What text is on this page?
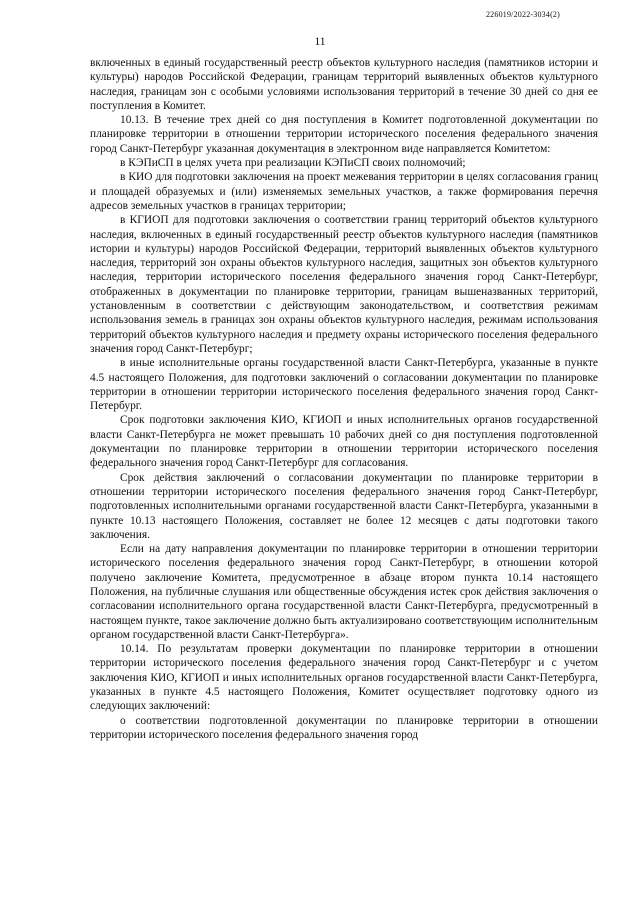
226019/2022-3034(2)
11

включенных в единый государственный реестр объектов культурного наследия (памятников истории и культуры) народов Российской Федерации, границам территорий выявленных объектов культурного наследия, границам зон с особыми условиями использования территорий в течение 30 дней со дня ее поступления в Комитет.

10.13. В течение трех дней со дня поступления в Комитет подготовленной документации по планировке территории в отношении территории исторического поселения федерального значения город Санкт-Петербург указанная документация в электронном виде направляется Комитетом:

в КЭПиСП в целях учета при реализации КЭПиСП своих полномочий;

в КИО для подготовки заключения на проект межевания территории в целях согласования границ и площадей образуемых и (или) изменяемых земельных участков, а также формирования перечня адресов земельных участков в границах территории;

в КГИОП для подготовки заключения о соответствии границ территорий объектов культурного наследия, включенных в единый государственный реестр объектов культурного наследия (памятников истории и культуры) народов Российской Федерации, территорий выявленных объектов культурного наследия, территорий зон охраны объектов культурного наследия, защитных зон объектов культурного наследия, территории исторического поселения федерального значения город Санкт-Петербург, отображенных в документации по планировке территории, границам вышеназванных территорий, установленным в соответствии с действующим законодательством, и соответствия режимам использования земель в границах зон охраны объектов культурного наследия, режимам использования территорий объектов культурного наследия и предмету охраны исторического поселения федерального значения город Санкт-Петербург;

в иные исполнительные органы государственной власти Санкт-Петербурга, указанные в пункте 4.5 настоящего Положения, для подготовки заключений о согласовании документации по планировке территории в отношении территории исторического поселения федерального значения город Санкт-Петербург.

Срок подготовки заключения КИО, КГИОП и иных исполнительных органов государственной власти Санкт-Петербурга не может превышать 10 рабочих дней со дня поступления подготовленной документации по планировке территории в отношении территории исторического поселения федерального значения город Санкт-Петербург для согласования.

Срок действия заключений о согласовании документации по планировке территории в отношении территории исторического поселения федерального значения город Санкт-Петербург, подготовленных исполнительными органами государственной власти Санкт-Петербурга, указанными в пункте 10.13 настоящего Положения, составляет не более 12 месяцев с даты подготовки такого заключения.

Если на дату направления документации по планировке территории в отношении территории исторического поселения федерального значения город Санкт-Петербург, в отношении которой получено заключение Комитета, предусмотренное в абзаце втором пункта 10.14 настоящего Положения, на публичные слушания или общественные обсуждения истек срок действия заключения о согласовании исполнительного органа государственной власти Санкт-Петербурга, предусмотренный в настоящем пункте, такое заключение должно быть актуализировано соответствующим исполнительным органом государственной власти Санкт-Петербурга».

10.14. По результатам проверки документации по планировке территории в отношении территории исторического поселения федерального значения город Санкт-Петербург и с учетом заключения КИО, КГИОП и иных исполнительных органов государственной власти Санкт-Петербурга, указанных в пункте 4.5 настоящего Положения, Комитет осуществляет подготовку одного из следующих заключений:

о соответствии подготовленной документации по планировке территории в отношении территории исторического поселения федерального значения город
